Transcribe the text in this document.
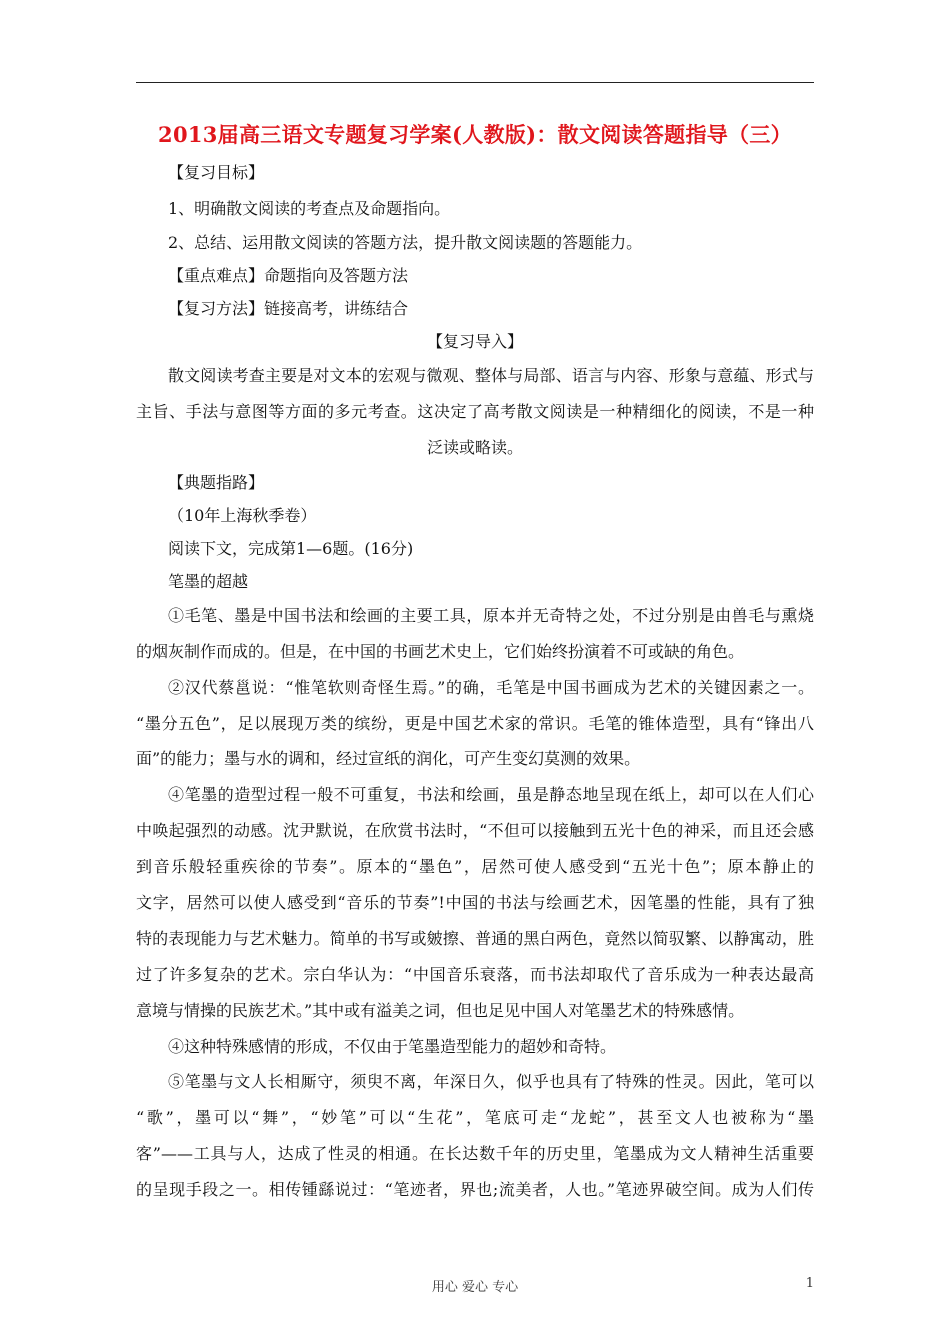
2013届高三语文专题复习学案(人教版)：散文阅读答题指导（三）
【复习目标】
1、明确散文阅读的考查点及命题指向。
2、总结、运用散文阅读的答题方法，提升散文阅读题的答题能力。
【重点难点】命题指向及答题方法
【复习方法】链接高考，讲练结合
【复习导入】
散文阅读考查主要是对文本的宏观与微观、整体与局部、语言与内容、形象与意蕴、形式与
主旨、手法与意图等方面的多元考查。这决定了高考散文阅读是一种精细化的阅读，不是一种
泛读或略读。
【典题指路】
（10年上海秋季卷）
阅读下文，完成第1—6题。(16分)
笔墨的超越
①毛笔、墨是中国书法和绘画的主要工具，原本并无奇特之处，不过分别是由兽毛与熏烧
的烟灰制作而成的。但是，在中国的书画艺术史上，它们始终扮演着不可或缺的角色。
②汉代蔡邕说：“惟笔软则奇怪生焉。”的确，毛笔是中国书画成为艺术的关键因素之一。
“墨分五色”，足以展现万类的缤纷，更是中国艺术家的常识。毛笔的锥体造型，具有“锋出八
面”的能力；墨与水的调和，经过宣纸的润化，可产生变幻莫测的效果。
④笔墨的造型过程一般不可重复，书法和绘画，虽是静态地呈现在纸上，却可以在人们心
中唤起强烈的动感。沈尹默说，在欣赏书法时，“不但可以接触到五光十色的神采，而且还会感
到音乐般轻重疾徐的节奏”。原本的“墨色”，居然可使人感受到“五光十色”；原本静止的
文字，居然可以使人感受到“音乐的节奏”!中国的书法与绘画艺术，因笔墨的性能，具有了独
特的表现能力与艺术魅力。简单的书写或皴擦、普通的黑白两色，竟然以简驭繁、以静寓动，胜
过了许多复杂的艺术。宗白华认为：“中国音乐衰落，而书法却取代了音乐成为一种表达最高
意境与情操的民族艺术。”其中或有溢美之词，但也足见中国人对笔墨艺术的特殊感情。
④这种特殊感情的形成，不仅由于笔墨造型能力的超妙和奇特。
⑤笔墨与文人长相厮守，须臾不离，年深日久，似乎也具有了特殊的性灵。因此，笔可以
“歌”，墨可以“舞”，“妙笔”可以“生花”，笔底可走“龙蛇”，甚至文人也被称为“墨
客”——工具与人，达成了性灵的相通。在长达数千年的历史里，笔墨成为文人精神生活重要
的呈现手段之一。相传锺繇说过：“笔迹者，界也;流美者，人也。”笔迹界破空间。成为人们传
用心 爱心 专心	1
